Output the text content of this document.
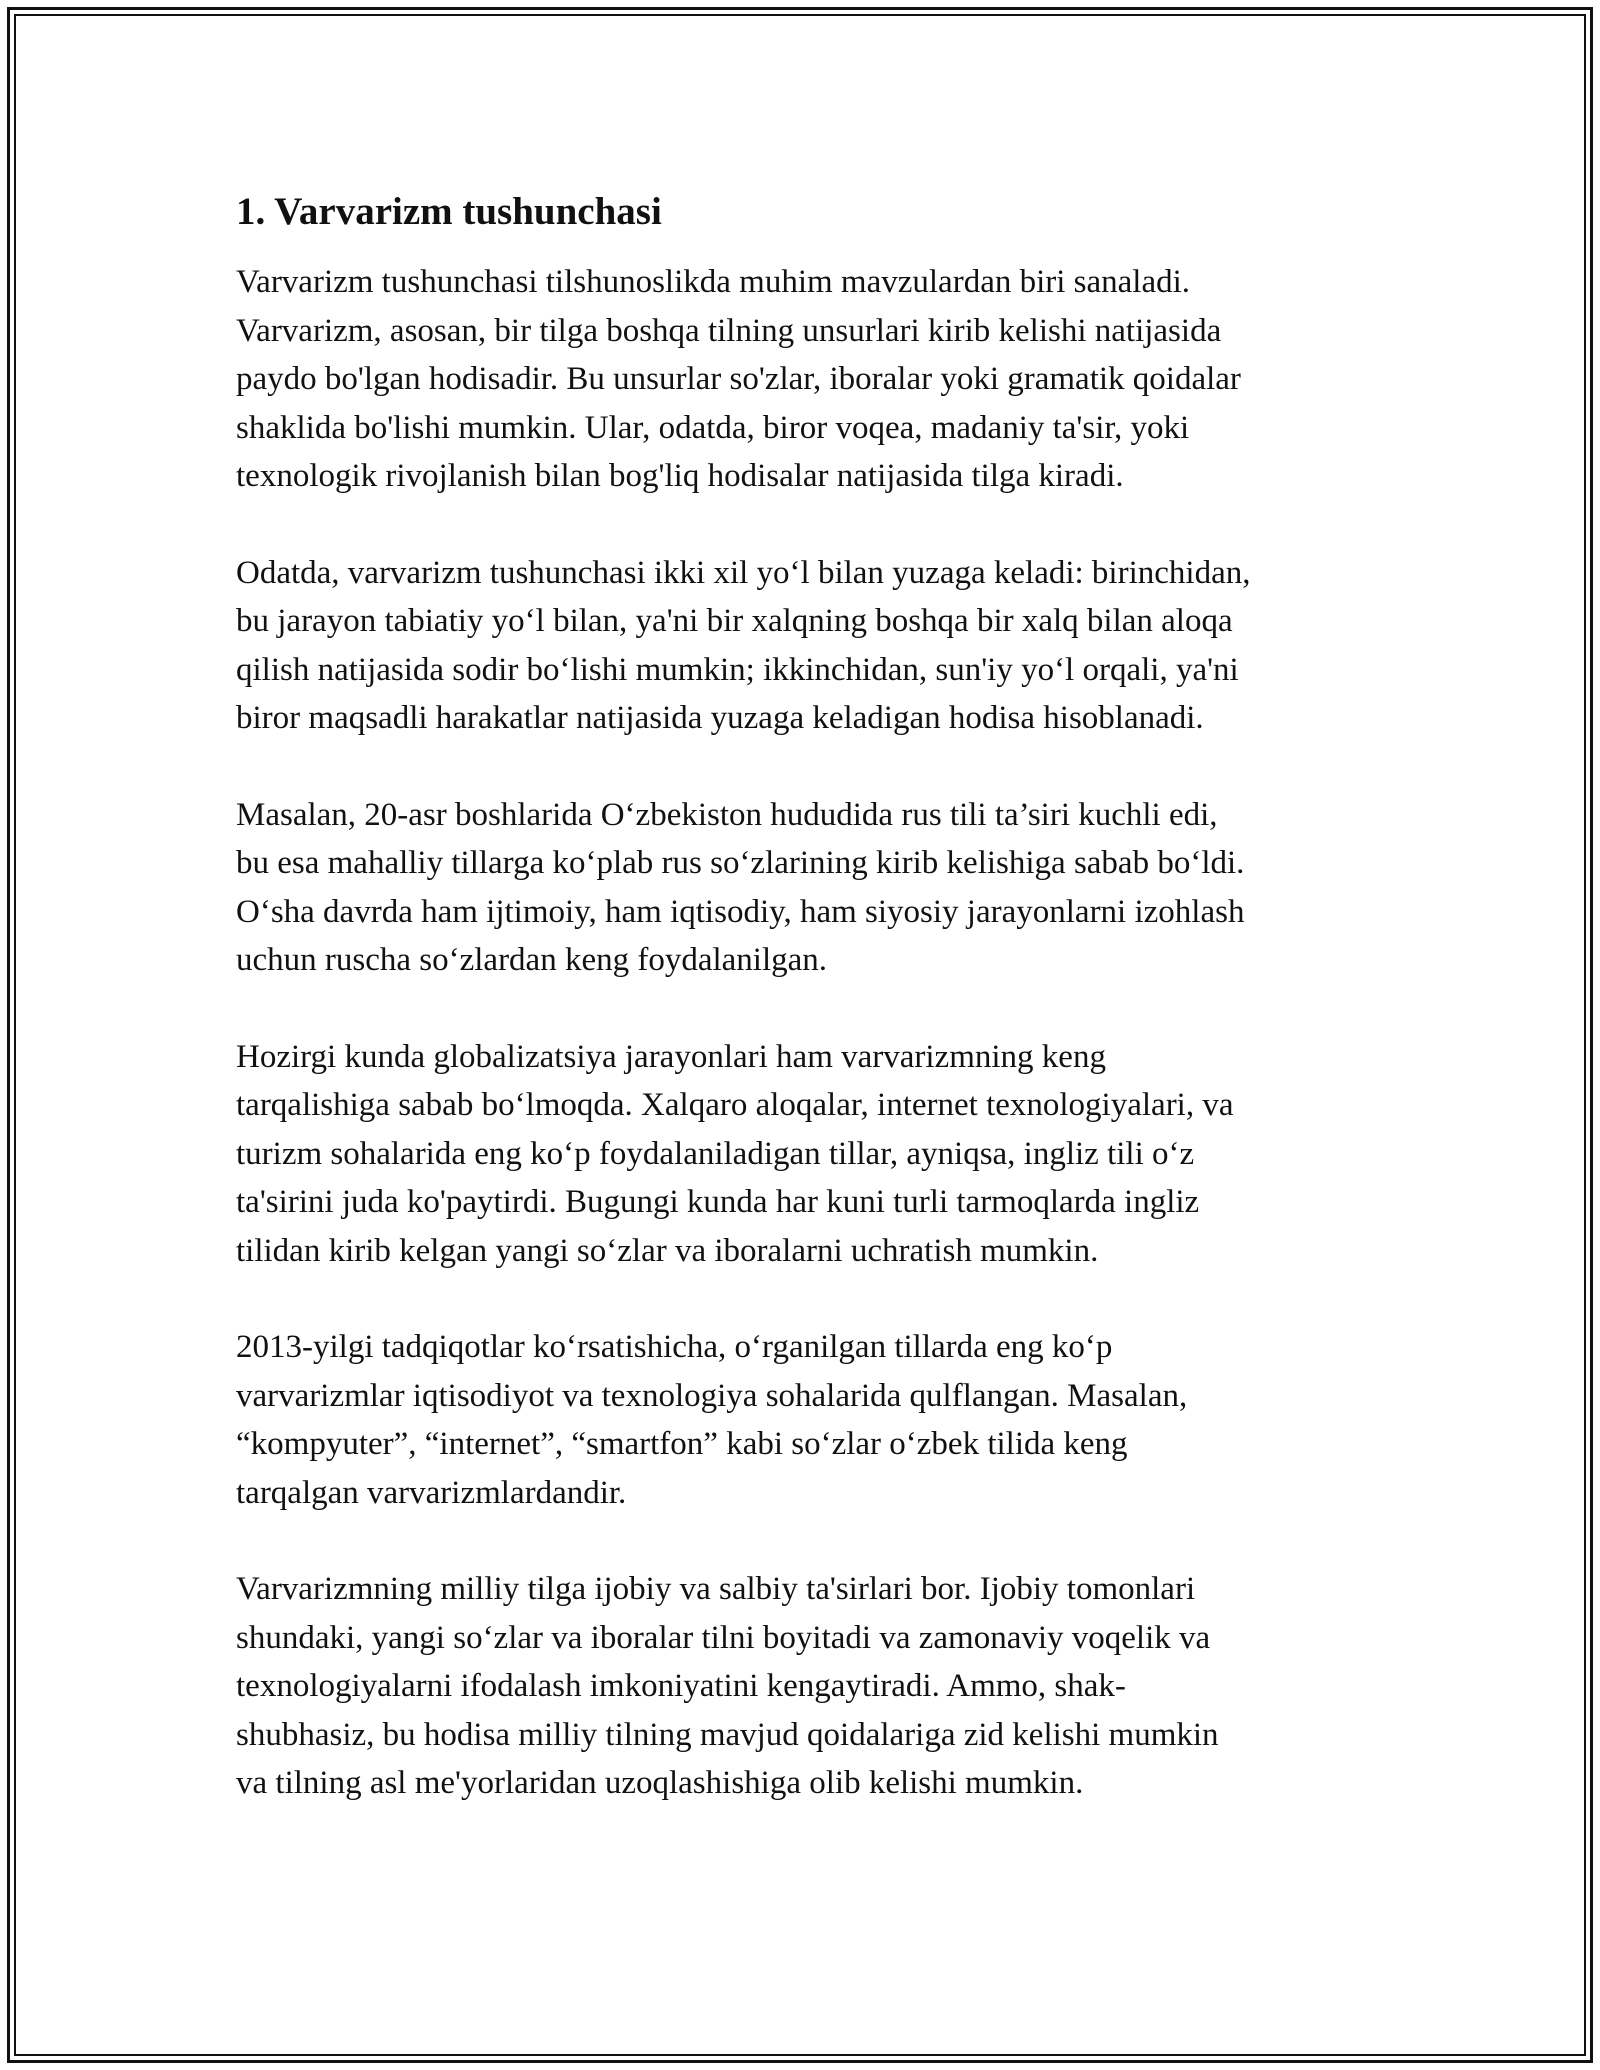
1. Varvarizm tushunchasi

Varvarizm tushunchasi tilshunoslikda muhim mavzulardan biri sanaladi.
Varvarizm, asosan, bir tilga boshqa tilning unsurlari kirib kelishi natijasida
paydo bo'lgan hodisadir. Bu unsurlar so'zlar, iboralar yoki gramatik qoidalar
shaklida bo'lishi mumkin. Ular, odatda, biror voqea, madaniy ta'sir, yoki
texnologik rivojlanish bilan bog'liq hodisalar natijasida tilga kiradi.

Odatda, varvarizm tushunchasi ikki xil yo‘l bilan yuzaga keladi: birinchidan,
bu jarayon tabiatiy yo‘l bilan, ya'ni bir xalqning boshqa bir xalq bilan aloqa
qilish natijasida sodir bo‘lishi mumkin; ikkinchidan, sun'iy yo‘l orqali, ya'ni
biror maqsadli harakatlar natijasida yuzaga keladigan hodisa hisoblanadi.

Masalan, 20-asr boshlarida O‘zbekiston hududida rus tili ta’siri kuchli edi,
bu esa mahalliy tillarga ko‘plab rus so‘zlarining kirib kelishiga sabab bo‘ldi.
O‘sha davrda ham ijtimoiy, ham iqtisodiy, ham siyosiy jarayonlarni izohlash
uchun ruscha so‘zlardan keng foydalanilgan.

Hozirgi kunda globalizatsiya jarayonlari ham varvarizmning keng
tarqalishiga sabab bo‘lmoqda. Xalqaro aloqalar, internet texnologiyalari, va
turizm sohalarida eng ko‘p foydalaniladigan tillar, ayniqsa, ingliz tili o‘z
ta'sirini juda ko'paytirdi. Bugungi kunda har kuni turli tarmoqlarda ingliz
tilidan kirib kelgan yangi so‘zlar va iboralarni uchratish mumkin.

2013-yilgi tadqiqotlar ko‘rsatishicha, o‘rganilgan tillarda eng ko‘p
varvarizmlar iqtisodiyot va texnologiya sohalarida qulflangan. Masalan,
“kompyuter”, “internet”, “smartfon” kabi so‘zlar o‘zbek tilida keng
tarqalgan varvarizmlardandir.

Varvarizmning milliy tilga ijobiy va salbiy ta'sirlari bor. Ijobiy tomonlari
shundaki, yangi so‘zlar va iboralar tilni boyitadi va zamonaviy voqelik va
texnologiyalarni ifodalash imkoniyatini kengaytiradi. Ammo, shak-
shubhasiz, bu hodisa milliy tilning mavjud qoidalariga zid kelishi mumkin
va tilning asl me'yorlaridan uzoqlashishiga olib kelishi mumkin.
